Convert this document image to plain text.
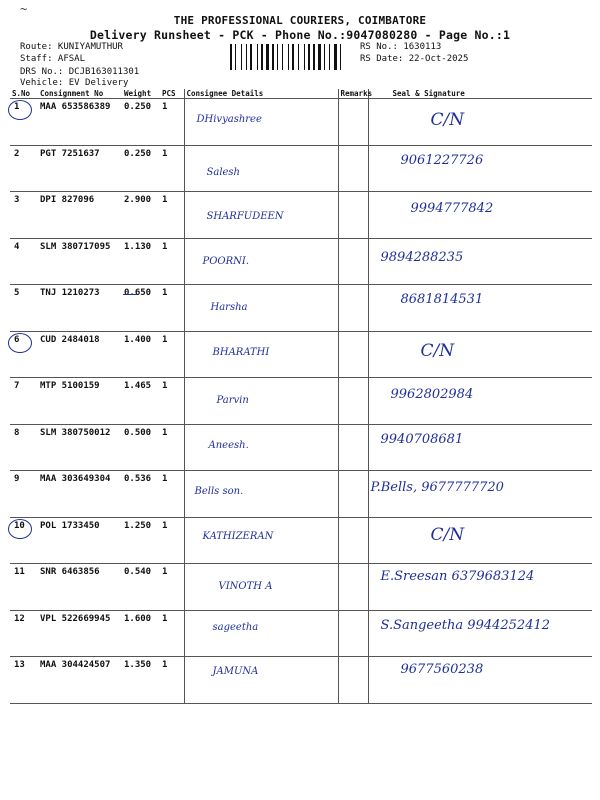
~
THE PROFESSIONAL COURIERS, COIMBATORE
Delivery Runsheet - PCK - Phone No.:9047080280 - Page No.:1
Route: KUNIYAMUTHUR
Staff: AFSAL
DRS No.: DCJB163011301
Vehicle: EV Delivery
RS No.: 1630113
RS Date: 22-Oct-2025
S.No	Consignment No	Weight	PCS	Consignee Details	Remarks	Seal & Signature
1	MAA 653586389	0.250	1	DHivyashree		C/N

2	PGT 7251637	0.250	1	Salesh		9061227726

3	DPI 827096	2.900	1	SHARFUDEEN		9994777842

4	SLM 380717095	1.130	1	POORNI.		9894288235

5	TNJ 1210273	0.650	1	Harsha		8681814531

6	CUD 2484018	1.400	1	BHARATHI		C/N

7	MTP 5100159	1.465	1	Parvin		9962802984

8	SLM 380750012	0.500	1	Aneesh.		9940708681

9	MAA 303649304	0.536	1	Bells son.		P.Bells, 9677777720

10	POL 1733450	1.250	1	KATHIZERAN		C/N

11	SNR 6463856	0.540	1	VINOTH A		E.Sreesan 6379683124

12	VPL 522669945	1.600	1	sageetha		S.Sangeetha 9944252412

13	MAA 304424507	1.350	1	JAMUNA		9677560238
